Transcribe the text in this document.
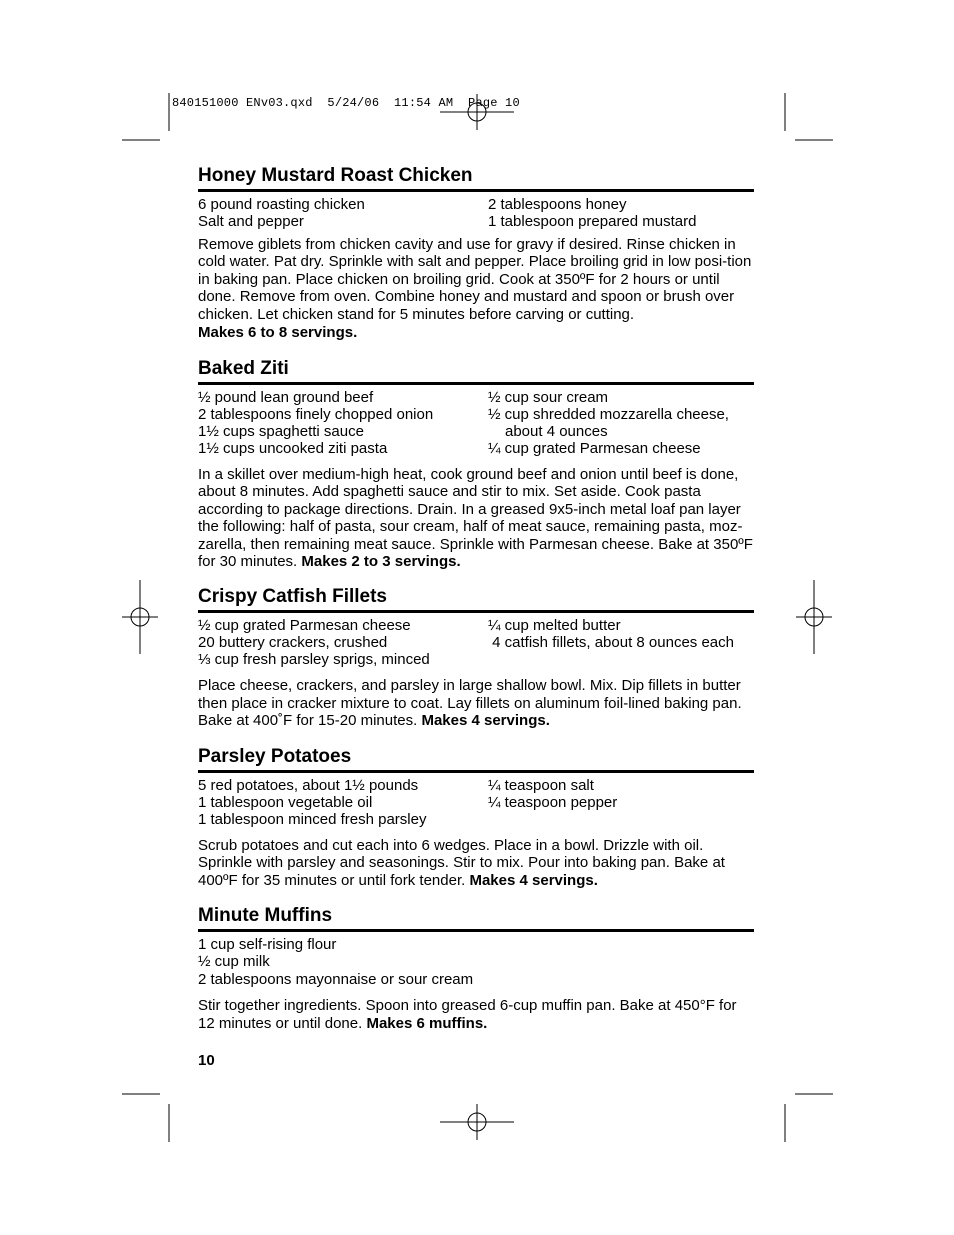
840151000 ENv03.qxd  5/24/06  11:54 AM  Page 10
Honey Mustard Roast Chicken
6 pound roasting chicken
Salt and pepper
2 tablespoons honey
1 tablespoon prepared mustard
Remove giblets from chicken cavity and use for gravy if desired. Rinse chicken in cold water. Pat dry. Sprinkle with salt and pepper. Place broiling grid in low posi-tion in baking pan. Place chicken on broiling grid. Cook at 350ºF for 2 hours or until done. Remove from oven. Combine honey and mustard and spoon or brush over chicken. Let chicken stand for 5 minutes before carving or cutting.
Makes 6 to 8 servings.
Baked Ziti
½ pound lean ground beef
2 tablespoons finely chopped onion
1½ cups spaghetti sauce
1½ cups uncooked ziti pasta
½ cup sour cream
½ cup shredded mozzarella cheese,
about 4 ounces
¼ cup grated Parmesan cheese
In a skillet over medium-high heat, cook ground beef and onion until beef is done, about 8 minutes. Add spaghetti sauce and stir to mix. Set aside. Cook pasta according to package directions. Drain. In a greased 9x5-inch metal loaf pan layer the following: half of pasta, sour cream, half of meat sauce, remaining pasta, moz-zarella, then remaining meat sauce. Sprinkle with Parmesan cheese. Bake at 350ºF for 30 minutes. Makes 2 to 3 servings.
Crispy Catfish Fillets
½ cup grated Parmesan cheese
20 buttery crackers, crushed
⅓ cup fresh parsley sprigs, minced
¼ cup melted butter
4 catfish fillets, about 8 ounces each
Place cheese, crackers, and parsley in large shallow bowl. Mix. Dip fillets in butter then place in cracker mixture to coat. Lay fillets on aluminum foil-lined baking pan. Bake at 400˚F for 15-20 minutes. Makes 4 servings.
Parsley Potatoes
5 red potatoes, about 1½ pounds
1 tablespoon vegetable oil
1 tablespoon minced fresh parsley
¼ teaspoon salt
¼ teaspoon pepper
Scrub potatoes and cut each into 6 wedges. Place in a bowl. Drizzle with oil. Sprinkle with parsley and seasonings. Stir to mix. Pour into baking pan. Bake at 400ºF for 35 minutes or until fork tender. Makes 4 servings.
Minute Muffins
1 cup self-rising flour
½ cup milk
2 tablespoons mayonnaise or sour cream
Stir together ingredients. Spoon into greased 6-cup muffin pan. Bake at 450°F for 12 minutes or until done. Makes 6 muffins.
10
